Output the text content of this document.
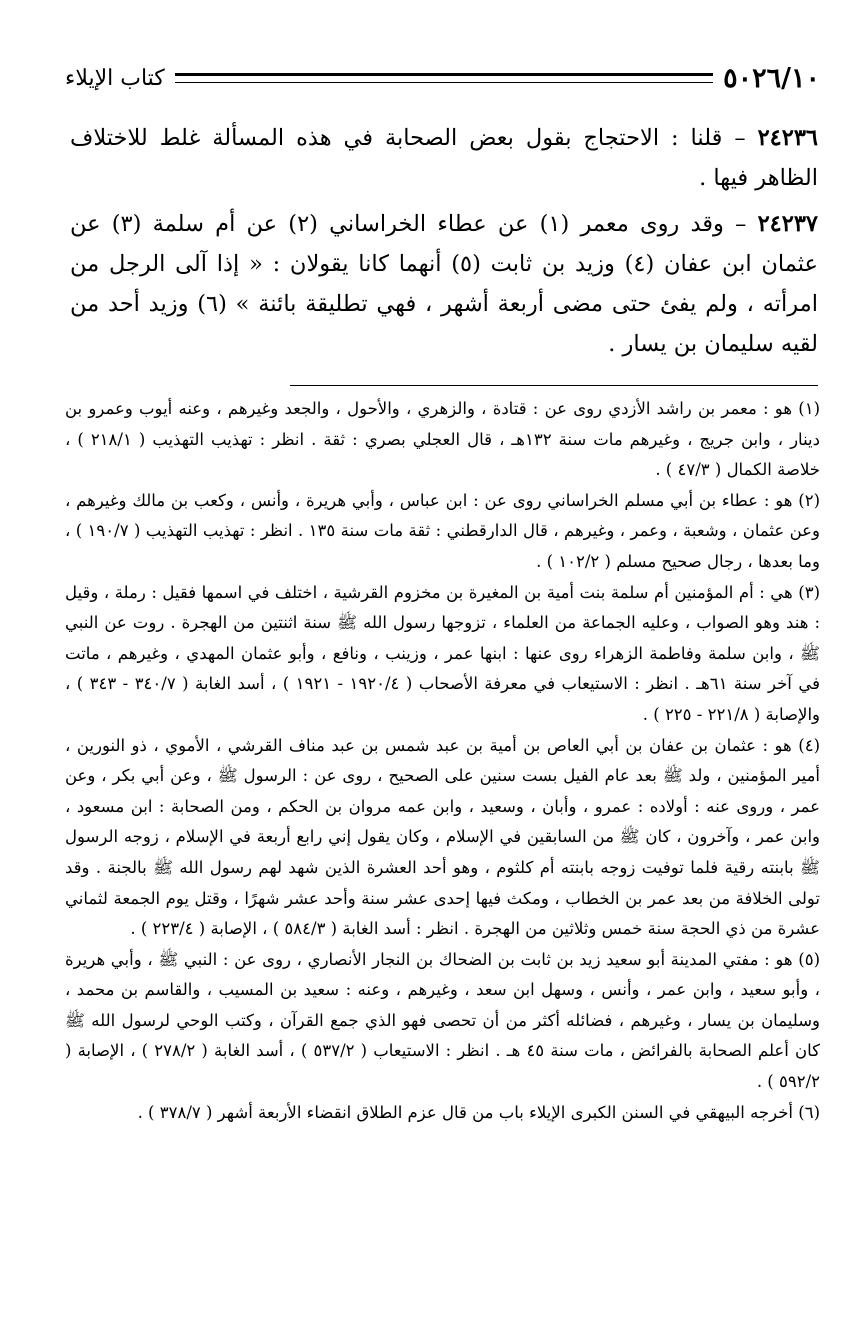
٥٠٢٦/١٠
كتاب الإيلاء

٢٤٢٣٦ – قلنا : الاحتجاج بقول بعض الصحابة في هذه المسألة غلط للاختلاف الظاهر فيها .

٢٤٢٣٧ – وقد روى معمر (١) عن عطاء الخراساني (٢) عن أم سلمة (٣) عن عثمان ابن عفان (٤) وزيد بن ثابت (٥) أنهما كانا يقولان : « إذا آلى الرجل من امرأته ، ولم يفئ حتى مضى أربعة أشهر ، فهي تطليقة بائنة » (٦) وزيد أحد من لقيه سليمان بن يسار .

(١) هو : معمر بن راشد الأزدي روى عن : قتادة ، والزهري ، والأحول ، والجعد وغيرهم ، وعنه أيوب وعمرو بن دينار ، وابن جريج ، وغيرهم مات سنة ١٣٢هـ ، قال العجلي بصري : ثقة . انظر : تهذيب التهذيب ( ٢١٨/١ ) ، خلاصة الكمال ( ٤٧/٣ ) .

(٢) هو : عطاء بن أبي مسلم الخراساني روى عن : ابن عباس ، وأبي هريرة ، وأنس ، وكعب بن مالك وغيرهم ، وعن عثمان ، وشعبة ، وعمر ، وغيرهم ، قال الدارقطني : ثقة مات سنة ١٣٥ . انظر : تهذيب التهذيب ( ١٩٠/٧ ) ، وما بعدها ، رجال صحيح مسلم ( ١٠٢/٢ ) .

(٣) هي : أم المؤمنين أم سلمة بنت أمية بن المغيرة بن مخزوم القرشية ، اختلف في اسمها فقيل : رملة ، وقيل : هند وهو الصواب ، وعليه الجماعة من العلماء ، تزوجها رسول الله ﷺ سنة اثنتين من الهجرة . روت عن النبي ﷺ ، وابن سلمة وفاطمة الزهراء روى عنها : ابنها عمر ، وزينب ، ونافع ، وأبو عثمان المهدي ، وغيرهم ، ماتت في آخر سنة ٦١هـ . انظر : الاستيعاب في معرفة الأصحاب ( ١٩٢٠/٤ - ١٩٢١ ) ، أسد الغابة ( ٣٤٠/٧ - ٣٤٣ ) ، والإصابة ( ٢٢١/٨ - ٢٢٥ ) .

(٤) هو : عثمان بن عفان بن أبي العاص بن أمية بن عبد شمس بن عبد مناف القرشي ، الأموي ، ذو النورين ، أمير المؤمنين ، ولد ﷺ بعد عام الفيل بست سنين على الصحيح ، روى عن : الرسول ﷺ ، وعن أبي بكر ، وعن عمر ، وروى عنه : أولاده : عمرو ، وأبان ، وسعيد ، وابن عمه مروان بن الحكم ، ومن الصحابة : ابن مسعود ، وابن عمر ، وآخرون ، كان ﷺ من السابقين في الإسلام ، وكان يقول إني رابع أربعة في الإسلام ، زوجه الرسول ﷺ بابنته رقية فلما توفيت زوجه بابنته أم كلثوم ، وهو أحد العشرة الذين شهد لهم رسول الله ﷺ بالجنة . وقد تولى الخلافة من بعد عمر بن الخطاب ، ومكث فيها إحدى عشر سنة وأحد عشر شهرًا ، وقتل يوم الجمعة لثماني عشرة من ذي الحجة سنة خمس وثلاثين من الهجرة . انظر : أسد الغابة ( ٥٨٤/٣ ) ، الإصابة ( ٢٢٣/٤ ) .

(٥) هو : مفتي المدينة أبو سعيد زيد بن ثابت بن الضحاك بن النجار الأنصاري ، روى عن : النبي ﷺ ، وأبي هريرة ، وأبو سعيد ، وابن عمر ، وأنس ، وسهل ابن سعد ، وغيرهم ، وعنه : سعيد بن المسيب ، والقاسم بن محمد ، وسليمان بن يسار ، وغيرهم ، فضائله أكثر من أن تحصى فهو الذي جمع القرآن ، وكتب الوحي لرسول الله ﷺ كان أعلم الصحابة بالفرائض ، مات سنة ٤٥ هـ . انظر : الاستيعاب ( ٥٣٧/٢ ) ، أسد الغابة ( ٢٧٨/٢ ) ، الإصابة ( ٥٩٢/٢ ) .

(٦) أخرجه البيهقي في السنن الكبرى الإيلاء باب من قال عزم الطلاق انقضاء الأربعة أشهر ( ٣٧٨/٧ ) .
